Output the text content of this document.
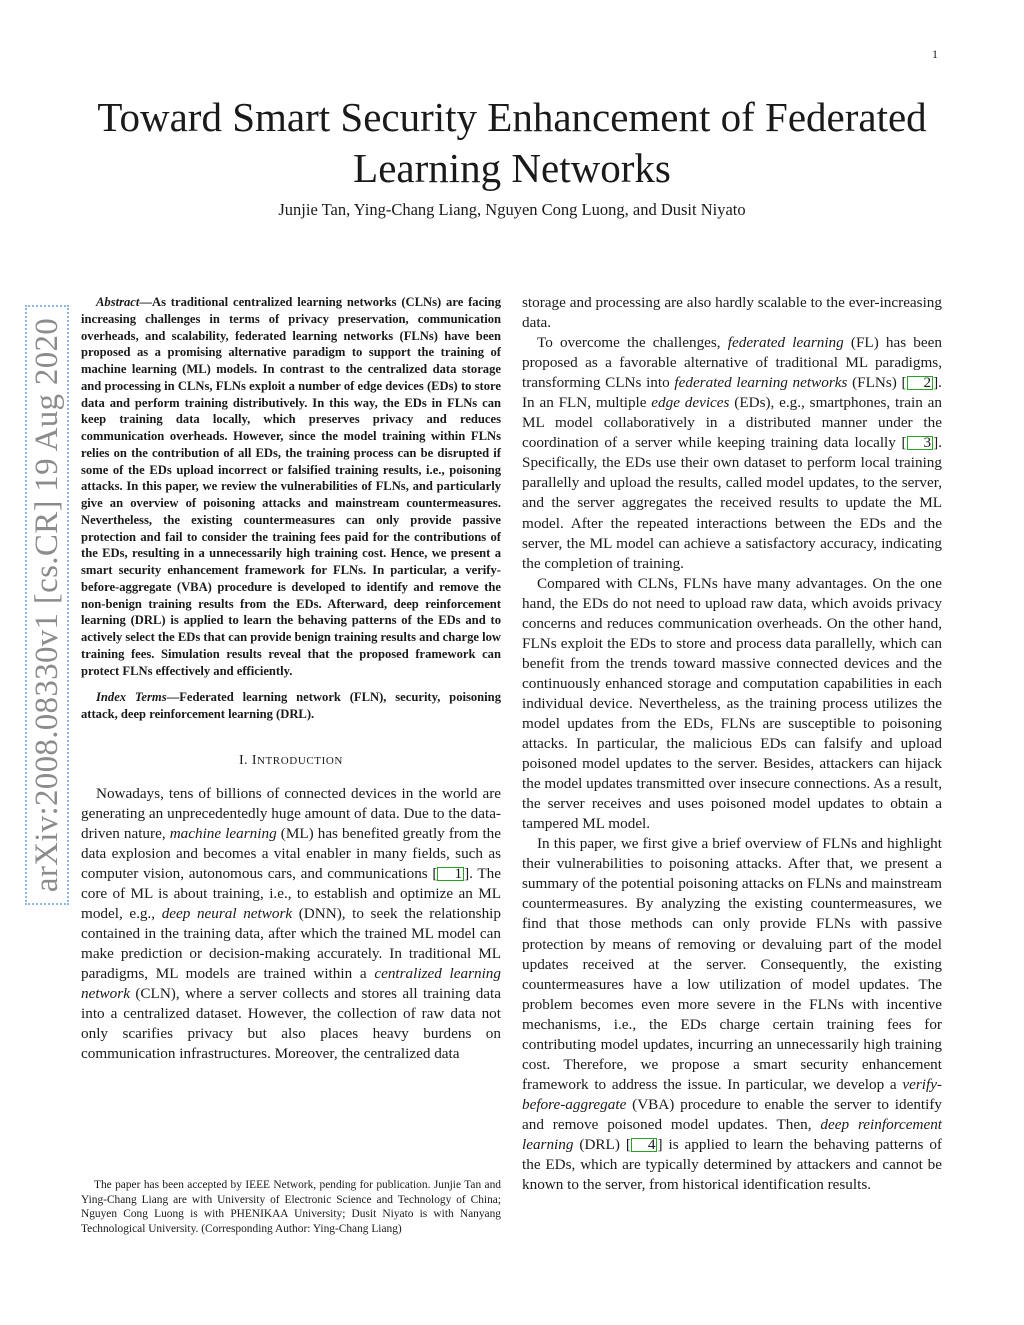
1
arXiv:2008.08330v1 [cs.CR] 19 Aug 2020
Toward Smart Security Enhancement of Federated Learning Networks
Junjie Tan, Ying-Chang Liang, Nguyen Cong Luong, and Dusit Niyato

Abstract—As traditional centralized learning networks (CLNs) are facing increasing challenges in terms of privacy preservation, communication overheads, and scalability, federated learning networks (FLNs) have been proposed as a promising alternative paradigm to support the training of machine learning (ML) models. In contrast to the centralized data storage and processing in CLNs, FLNs exploit a number of edge devices (EDs) to store data and perform training distributively. In this way, the EDs in FLNs can keep training data locally, which preserves privacy and reduces communication overheads. However, since the model training within FLNs relies on the contribution of all EDs, the training process can be disrupted if some of the EDs upload incorrect or falsified training results, i.e., poisoning attacks. In this paper, we review the vulnerabilities of FLNs, and particularly give an overview of poisoning attacks and mainstream countermeasures. Nevertheless, the existing countermeasures can only provide passive protection and fail to consider the training fees paid for the contributions of the EDs, resulting in a unnecessarily high training cost. Hence, we present a smart security enhancement framework for FLNs. In particular, a verify-before-aggregate (VBA) procedure is developed to identify and remove the non-benign training results from the EDs. Afterward, deep reinforcement learning (DRL) is applied to learn the behaving patterns of the EDs and to actively select the EDs that can provide benign training results and charge low training fees. Simulation results reveal that the proposed framework can protect FLNs effectively and efficiently.

Index Terms—Federated learning network (FLN), security, poisoning attack, deep reinforcement learning (DRL).

I. INTRODUCTION

Nowadays, tens of billions of connected devices in the world are generating an unprecedentedly huge amount of data. Due to the data-driven nature, machine learning (ML) has benefited greatly from the data explosion and becomes a vital enabler in many fields, such as computer vision, autonomous cars, and communications [ 1 ]. The core of ML is about training, i.e., to establish and optimize an ML model, e.g., deep neural network (DNN), to seek the relationship contained in the training data, after which the trained ML model can make prediction or decision-making accurately. In traditional ML paradigms, ML models are trained within a centralized learning network (CLN), where a server collects and stores all training data into a centralized dataset. However, the collection of raw data not only scarifies privacy but also places heavy burdens on communication infrastructures. Moreover, the centralized data

storage and processing are also hardly scalable to the ever-increasing data.

To overcome the challenges, federated learning (FL) has been proposed as a favorable alternative of traditional ML paradigms, transforming CLNs into federated learning networks (FLNs) [ 2 ]. In an FLN, multiple edge devices (EDs), e.g., smartphones, train an ML model collaboratively in a distributed manner under the coordination of a server while keeping training data locally [ 3 ]. Specifically, the EDs use their own dataset to perform local training parallelly and upload the results, called model updates, to the server, and the server aggregates the received results to update the ML model. After the repeated interactions between the EDs and the server, the ML model can achieve a satisfactory accuracy, indicating the completion of training.

Compared with CLNs, FLNs have many advantages. On the one hand, the EDs do not need to upload raw data, which avoids privacy concerns and reduces communication overheads. On the other hand, FLNs exploit the EDs to store and process data parallelly, which can benefit from the trends toward massive connected devices and the continuously enhanced storage and computation capabilities in each individual device. Nevertheless, as the training process utilizes the model updates from the EDs, FLNs are susceptible to poisoning attacks. In particular, the malicious EDs can falsify and upload poisoned model updates to the server. Besides, attackers can hijack the model updates transmitted over insecure connections. As a result, the server receives and uses poisoned model updates to obtain a tampered ML model.

In this paper, we first give a brief overview of FLNs and highlight their vulnerabilities to poisoning attacks. After that, we present a summary of the potential poisoning attacks on FLNs and mainstream countermeasures. By analyzing the existing countermeasures, we find that those methods can only provide FLNs with passive protection by means of removing or devaluing part of the model updates received at the server. Consequently, the existing countermeasures have a low utilization of model updates. The problem becomes even more severe in the FLNs with incentive mechanisms, i.e., the EDs charge certain training fees for contributing model updates, incurring an unnecessarily high training cost. Therefore, we propose a smart security enhancement framework to address the issue. In particular, we develop a verify-before-aggregate (VBA) procedure to enable the server to identify and remove poisoned model updates. Then, deep reinforcement learning (DRL) [ 4 ] is applied to learn the behaving patterns of the EDs, which are typically determined by attackers and cannot be known to the server, from historical identification results.

The paper has been accepted by IEEE Network, pending for publication. Junjie Tan and Ying-Chang Liang are with University of Electronic Science and Technology of China; Nguyen Cong Luong is with PHENIKAA University; Dusit Niyato is with Nanyang Technological University. (Corresponding Author: Ying-Chang Liang)
